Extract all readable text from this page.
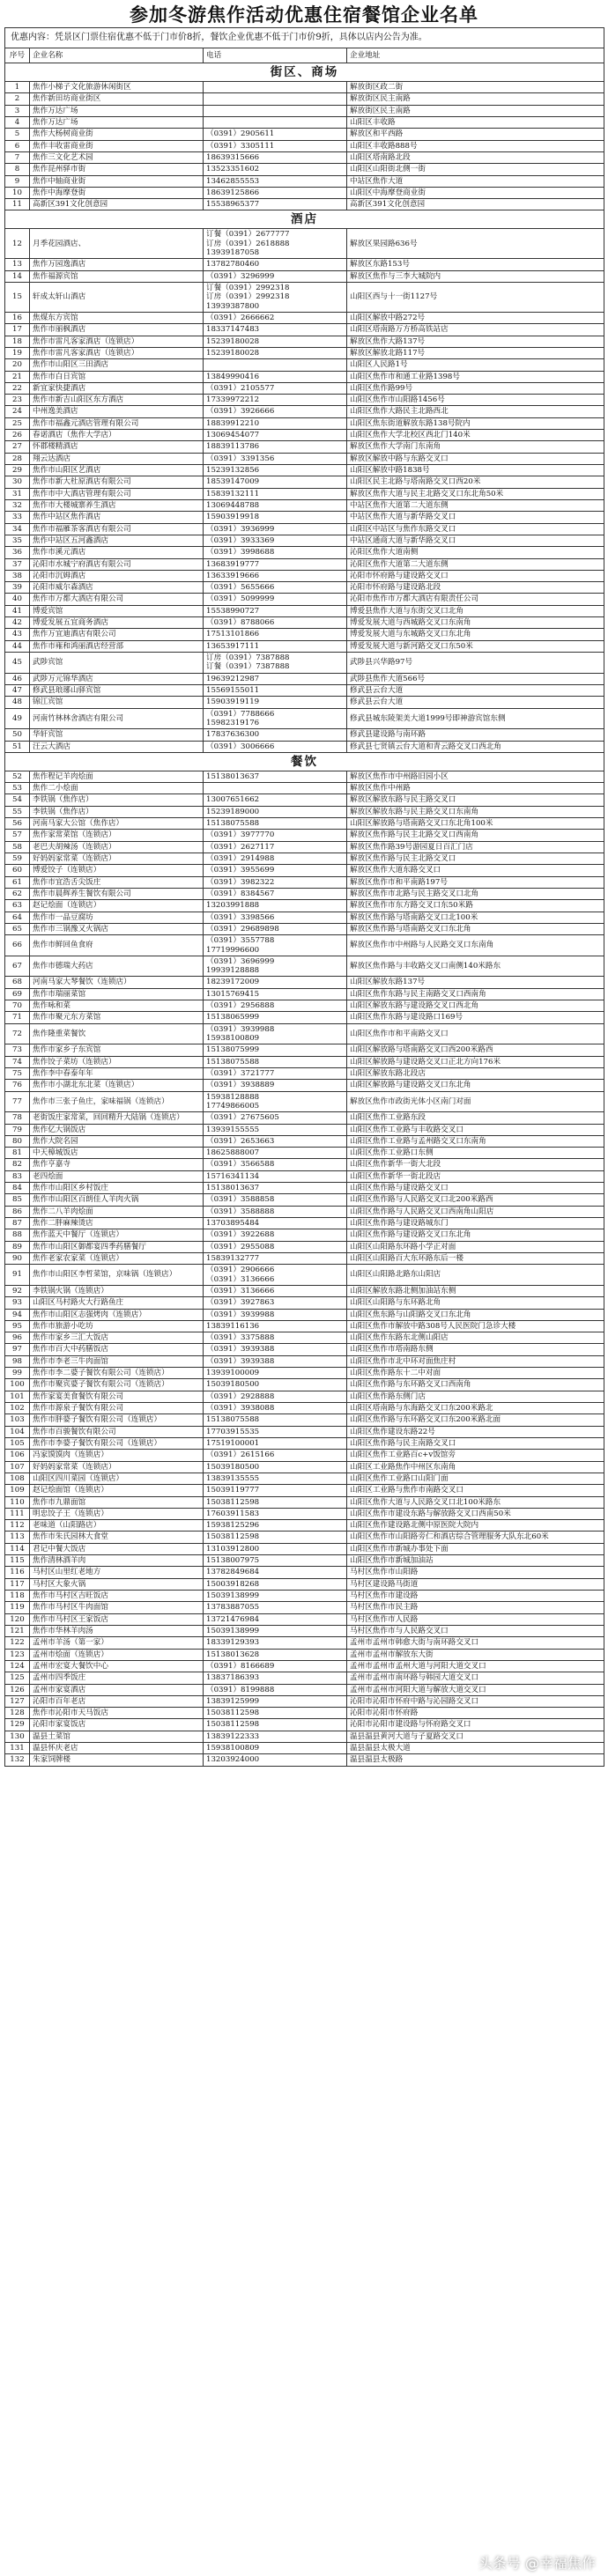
参加冬游焦作活动优惠住宿餐馆企业名单
优惠内容：凭景区门票住宿优惠不低于门市价8折，餐饮企业优惠不低于门市价9折，具体以店内公告为准。			
序号	企业名称	电话	企业地址
街区、商场			
1	焦作小梯子文化旅游休闲街区		解放街区政二街
2	焦作新田坊商业街区		解放街区民主南路
3	焦作万达广场		解放街区民主南路
4	焦作万达广场		山阳区丰收路
5	焦作大杨树商业街	（0391）2905611	解放区和平西路
6	焦作丰收雷商业街	（0391）3305111	山阳区丰收路888号
7	焦作三文化艺术园	18639315666	山阳区塔南路北段
8	焦作昆州驿市街	13523351602	山阳区山阳街北侧一街
9	焦作中轴商业街	13462855553	中站区焦作大道
10	焦作中海摩登街	18639125866	山阳区中海摩登商业街
11	高新区391文化创意园	15538965377	高新区391文化创意园
酒店			
12	月季花园酒店、	订餐（0391）2677777
订房（0391）2618888
13939187058	解放区果园路636号
13	焦作万园逸酒店	13782780460	解放区东路153号
14	焦作福源宾馆	（0391）3296999	解放区焦作与三李大城院内
15	轩成太轩山酒店	订餐（0391）2992318
订房（0391）2992318
13939387800	山阳区西与十一街1127号
16	焦煤东方宾馆	（0391）2666662	山阳区解放中路272号
17	焦作市丽枫酒店	18337147483	山阳区塔南路万方桥高铁站店
18	焦作市雷凡客家酒店（连锁店）	15239180028	解放区焦作大路137号
19	焦作市雷凡客家酒店（连锁店）	15239180028	解放区解放北路117号
20	焦作市山阳区三田酒店		山阳区人民路1号
21	焦作市白日宾馆	13849990416	山阳区焦作市和通工业路1398号
22	新宜家快捷酒店	（0391）2105577	山阳区焦作路99号
23	焦作市新吉山阳区东方酒店	17339972212	山阳区焦作市山阳路1456号
24	中州逸美酒店	（0391）3926666	山阳区焦作大路民主北路西北
25	焦作市福鑫元酒店管理有限公司	18839912210	山阳区焦东街道解放东路138号院内
26	春诺酒店（焦作大学店）	13069454077	山阳区焦作大学北校区西北门140米
27	怀郡楼精酒店	18839113786	解放区焦作大学南门东南角
28	翔云达酒店	（0391）3391356	解放区解放中路与东路交叉口
29	焦作市山阳区艺酒店	15239132856	山阳区解放中路1838号
30	焦作市新大杜原酒店有限公司	18539147009	山阳区民主北路与塔南路交叉口西20米
31	焦作市中大酒店管理有限公司	15839132111	解放区焦作大道与民主北路交叉口东北角50米
32	焦作市大楼城寨养生酒店	13069448788	中站区焦作大道第二大道东侧
33	焦作中站区焦作酒店	15903919918	中站区焦作大道与新华路交叉口
34	焦作市福雁茶客酒店有限公司	（0391）3936999	山阳区中站区与焦作东路交叉口
35	焦作中站区五河鑫酒店	（0391）3933369	中站区通商大道与新华路交叉口
36	焦作市溪元酒店	（0391）3998688	沁阳区焦作大道南侧
37	沁阳市水城宁府酒店有限公司	13683919777	沁阳区焦作大道第二大道东侧
38	沁阳市沉姆酒店	13633919666	沁阳市怀府路与建设路交叉口
39	沁阳市威尔森酒店	（0391）5655666	沁阳市怀府路与建设路北段
40	焦作市万都大酒店有限公司	（0391）5099999	沁阳市焦作市万都大酒店有限责任公司
41	博爱宾馆	15538990727	博爱县焦作大道与东街交叉口北角
42	博爱发展五宜商务酒店	（0391）8788066	博爱发展大道与西城路交叉口东南角
43	焦作万宜迪酒店有限公司	17513101866	博爱发展大道与东城路交叉口东北角
44	焦作市雍和鸿丽酒店经营部	13653917111	博爱发展大道与新河路交叉口东50米
45	武陟宾馆	订房（0391）7387888
订餐（0391）7387888	武陟县兴华路97号
46	武陟万元锦华酒店	19639212987	武陟县焦作大道566号
47	修武县琅琊山驿宾馆	15569155011	修武县云台大道
48	锦江宾馆	15903919119	修武县云台大道
49	河南竹林林舍酒店有限公司	（0391）7788666
15982319176	修武县城东陵架美大道1999号即神游宾馆东侧
50	华轩宾馆	17837636300	修武县建设路与南环路
51	汪云大酒店	（0391）3006666	修武县七贤镇云台大道和青云路交叉口西北角
餐饮			
52	焦作程记羊肉烩面	15138013637	解放区焦作市中州路旧园小区
53	焦作二小烩面		解放区焦作中州路
54	李铁锅（焦作店）	13007651662	解放区解放东路与民主路交叉口
55	李铁锅（焦作店）	15239189000	解放区解放东路与民主路交叉口东南角
56	河南马家大公馆（焦作店）	15138075588	山阳区解放路与塔南路交叉口东北角100米
57	焦作家常菜馆（连锁店）	（0391）3977770	解放区焦作路与民主北路交叉口西南角
58	老巴夫胡辣汤（连锁店）	（0391）2627117	解放区焦作路39号游园夏日百汇门店
59	好妈妈家常菜（连锁店）	（0391）2914988	解放区焦作路与民主北路交叉口
60	博爱饺子（连锁店）	（0391）3955699	解放区焦作大道东路交叉口
61	焦作市宜浩舌尖饭庄	（0391）3982322	解放区焦作市和平南路197号
62	焦作市晨辉养生餐饮有限公司	（0391）8384567	解放区焦作市北路与民主路交叉口北角
63	赵记烩面（连锁店）	13203991888	解放区焦作市东方路交叉口东50米路
64	焦作市一品豆腐坊	（0391）3398566	解放区焦作路与塔南路交叉口北100米
65	焦作市三锅豫又火锅店	（0391）29689898	解放区焦作路与塔南路交叉口东北角
66	焦作市鲜回鱼食府	（0391）3557788
17719996600	解放区焦作市中州路与人民路交叉口东南角
67	焦作市德瑞大药店	（0391）3696999
19939128888	解放区焦作路与丰收路交叉口南侧140米路东
68	河南马家大琴餐饮（连锁店）	18239172009	山阳区解放东路137号
69	焦作市瑞丽菜馆	13015769415	山阳区焦作东路与民主南路交叉口西南角
70	焦作咏和菜	（0391）2956888	山阳区解放东路与建设路交叉口西北角
71	焦作市聚元东方菜馆	15138065999	山阳区焦作东路与建设路口169号
72	焦作隆重菜餐饮	（0391）3939988
15938100809	山阳区焦作市和平南路交叉口
73	焦作市家乡子东宾馆	15138075999	山阳区解放路与塔南路交叉口西200米路西
74	焦作饺子菜坊（连锁店）	15138075588	山阳区解放路与建设路交叉口正北方向176米
75	焦作李中春泰年年	（0391）3721777	山阳区解放东路北段店
76	焦作市小湖北东北菜（连锁店）	（0391）3938889	山阳区解放路与建设路交叉口东北角
77	焦作市三张子鱼庄，家味福锅（连锁店）	15938128888
17749866005	解放区焦作市政街光体小区南门对面
78	老街饭庄家常菜，回回精升大陆锅（连锁店）	（0391）27675605	山阳区焦作工业路东段
79	焦作亿大锅饭店	13939155555	山阳区焦作工业路与丰收路交叉口
80	焦作大院名园	（0391）2653663	山阳区焦作工业路与孟州路交叉口东南角
81	中天樟城饭店	18625888007	山阳区焦作工业路口东侧
82	焦作亨嘉寺	（0391）3566588	山阳区焦作新华一街大北段
83	老四烩面	15716341134	山阳区焦作新华一街北段店
84	焦作市山阳区乡村饭庄	15138013637	山阳区焦作路与建设路交叉口
85	焦作市山阳区百朗佳人羊肉火锅	（0391）3588858	山阳区焦作路与人民路交叉口北200米路西
86	焦作二八羊肉烩面	（0391）3588888	山阳区焦作路与人民路交叉口西南角山阳店
87	焦作二胖麻辣烫店	13703895484	山阳区焦作路与建设路城东门
88	焦作蓝天中餐厅（连锁店）	（0391）3922688	山阳区焦作路与建设路交叉口东北角
89	焦作市山阳区御都宴四季药膳餐厅	（0391）2955088	山阳区山阳路东环路小学正对面
90	焦作老家农家菜（连锁店）	15839132777	山阳区山阳路百大东环路东后一楼
91	焦作市山阳区李哲菜馆，京味锅（连锁店）	（0391）2906666
（0391）3136666	山阳区山阳路北路东山阳店
92	李铁锅火锅（连锁店）	（0391）3136666	山阳区解放东路北侧加油站东侧
93	山阳区马村路火大行路鱼庄	（0391）3927863	山阳区山阳路与东环路北角
94	焦作市山阳区志强烤肉（连锁店）	（0391）3939988	山阳区焦东路与山阳路交叉口东北角
95	焦作市旅游小吃坊	13839116136	山阳区焦作市解放中路308号人民医院门急诊大楼
96	焦作市家乡三汇大饭店	（0391）3375888	山阳区焦作东路东北侧山阳店
97	焦作市百大中药膳饭店	（0391）3939388	山阳区焦作市塔南路东侧
98	焦作市李老三牛肉面馆	（0391）3939388	山阳区焦作市北中环对面焦庄村
99	焦作市李二婆子餐饮有限公司（连锁店）	13939100009	山阳区焦作路东十二中对面
100	焦作市聚宾婆子餐饮有限公司（连锁店）	15039180500	山阳区焦作路与东环路交叉口西南角
101	焦作家宴美食餐饮有限公司	（0391）2928888	山阳区焦作路东侧门店
102	焦作市源泉子餐饮有限公司	（0391）3938088	山阳区塔南路与东海路交叉口东200米路北
103	焦作市胖婆子餐饮有限公司（连锁店）	15138075588	山阳区焦作路与东环路交叉口东200米路北面
104	焦作市百骏餐饮有限公司	17703915535	山阳区焦作建设东路22号
105	焦作市李婆子餐饮有限公司（连锁店）	17519100001	山阳区焦作路与民主南路交叉口
106	冯家馍馍肉（连锁店）	（0391）2615166	山阳区焦作工业路百c+v饭馆旁
107	好妈妈家常菜（连锁店）	15039180500	山阳区工业路焦作中州区东南角
108	山阳区四川菜园（连锁店）	13839135555	山阳区焦作工业路口山阳门面
109	赵记烩面馆（连锁店）	15039119777	山阳区工业路与焦作市南路交叉口
110	焦作市九鼎面馆	15038112598	山阳区焦作大道与人民路交叉口北100米路东
111	明忠饺子王（连锁店）	17603911583	山阳区焦作市建设东路与解放路交叉口西南50米
112	老味道（山阳路店）	15938125296	山阳区焦作建设路北侧中原医院大院内
113	焦作市朱氏园林大食堂	15038112598	山阳区焦作市山阳路旁仁和酒店综合管理服务大队东北60米
114	君记中餐大饭店	13103912800	山阳区焦作市新城办事处下面
115	焦作清林酒羊肉	15138007975	山阳区焦作市新城加油站
116	马村区山里红老地方	13782849684	马村区焦作市山阳路
117	马村区大象火锅	15003918268	马村区建设路马街道
118	焦作市马村区吉旺饭店	15039138999	马村区焦作市建设路
119	焦作市马村区牛肉面馆	13783887055	马村区焦作市民主路
120	焦作市马村区王家饭店	13721476984	马村区焦作市人民路
121	焦作市华林羊肉汤	15039138999	马村区焦作市与人民路交叉口
122	孟州市羊汤（第一家）	18339129393	孟州市孟州市韩愈大街与南环路交叉口
123	孟州市烩面（连锁店）	15138013628	孟州市孟州市解放东大街
124	孟州市宏宴大餐饮中心	（0391）8166689	孟州市孟州市孟州大道与河阳大道交叉口
125	孟州市四季饭庄	13837186393	孟州市孟州市南环路与韩园大道交叉口
126	孟州市家宴酒店	（0391）8199888	孟州市孟州市河阳大道与解放大道交叉口
127	沁阳市百年老店	13839125999	沁阳市沁阳市怀府中路与沁园路交叉口
128	焦作市沁阳市天马饭店	15038112598	沁阳市沁阳市怀府路
129	沁阳市家宴饭店	15038112598	沁阳市沁阳市建设路与怀府路交叉口
130	温县土菜馆	13839122333	温县温县黄河大道与子夏路交叉口
131	温县怀庆老店	15938100809	温县温县太极大道
132	朱家饲牌楼	13203924000	温县温县太极路
头条号 @幸福焦作
